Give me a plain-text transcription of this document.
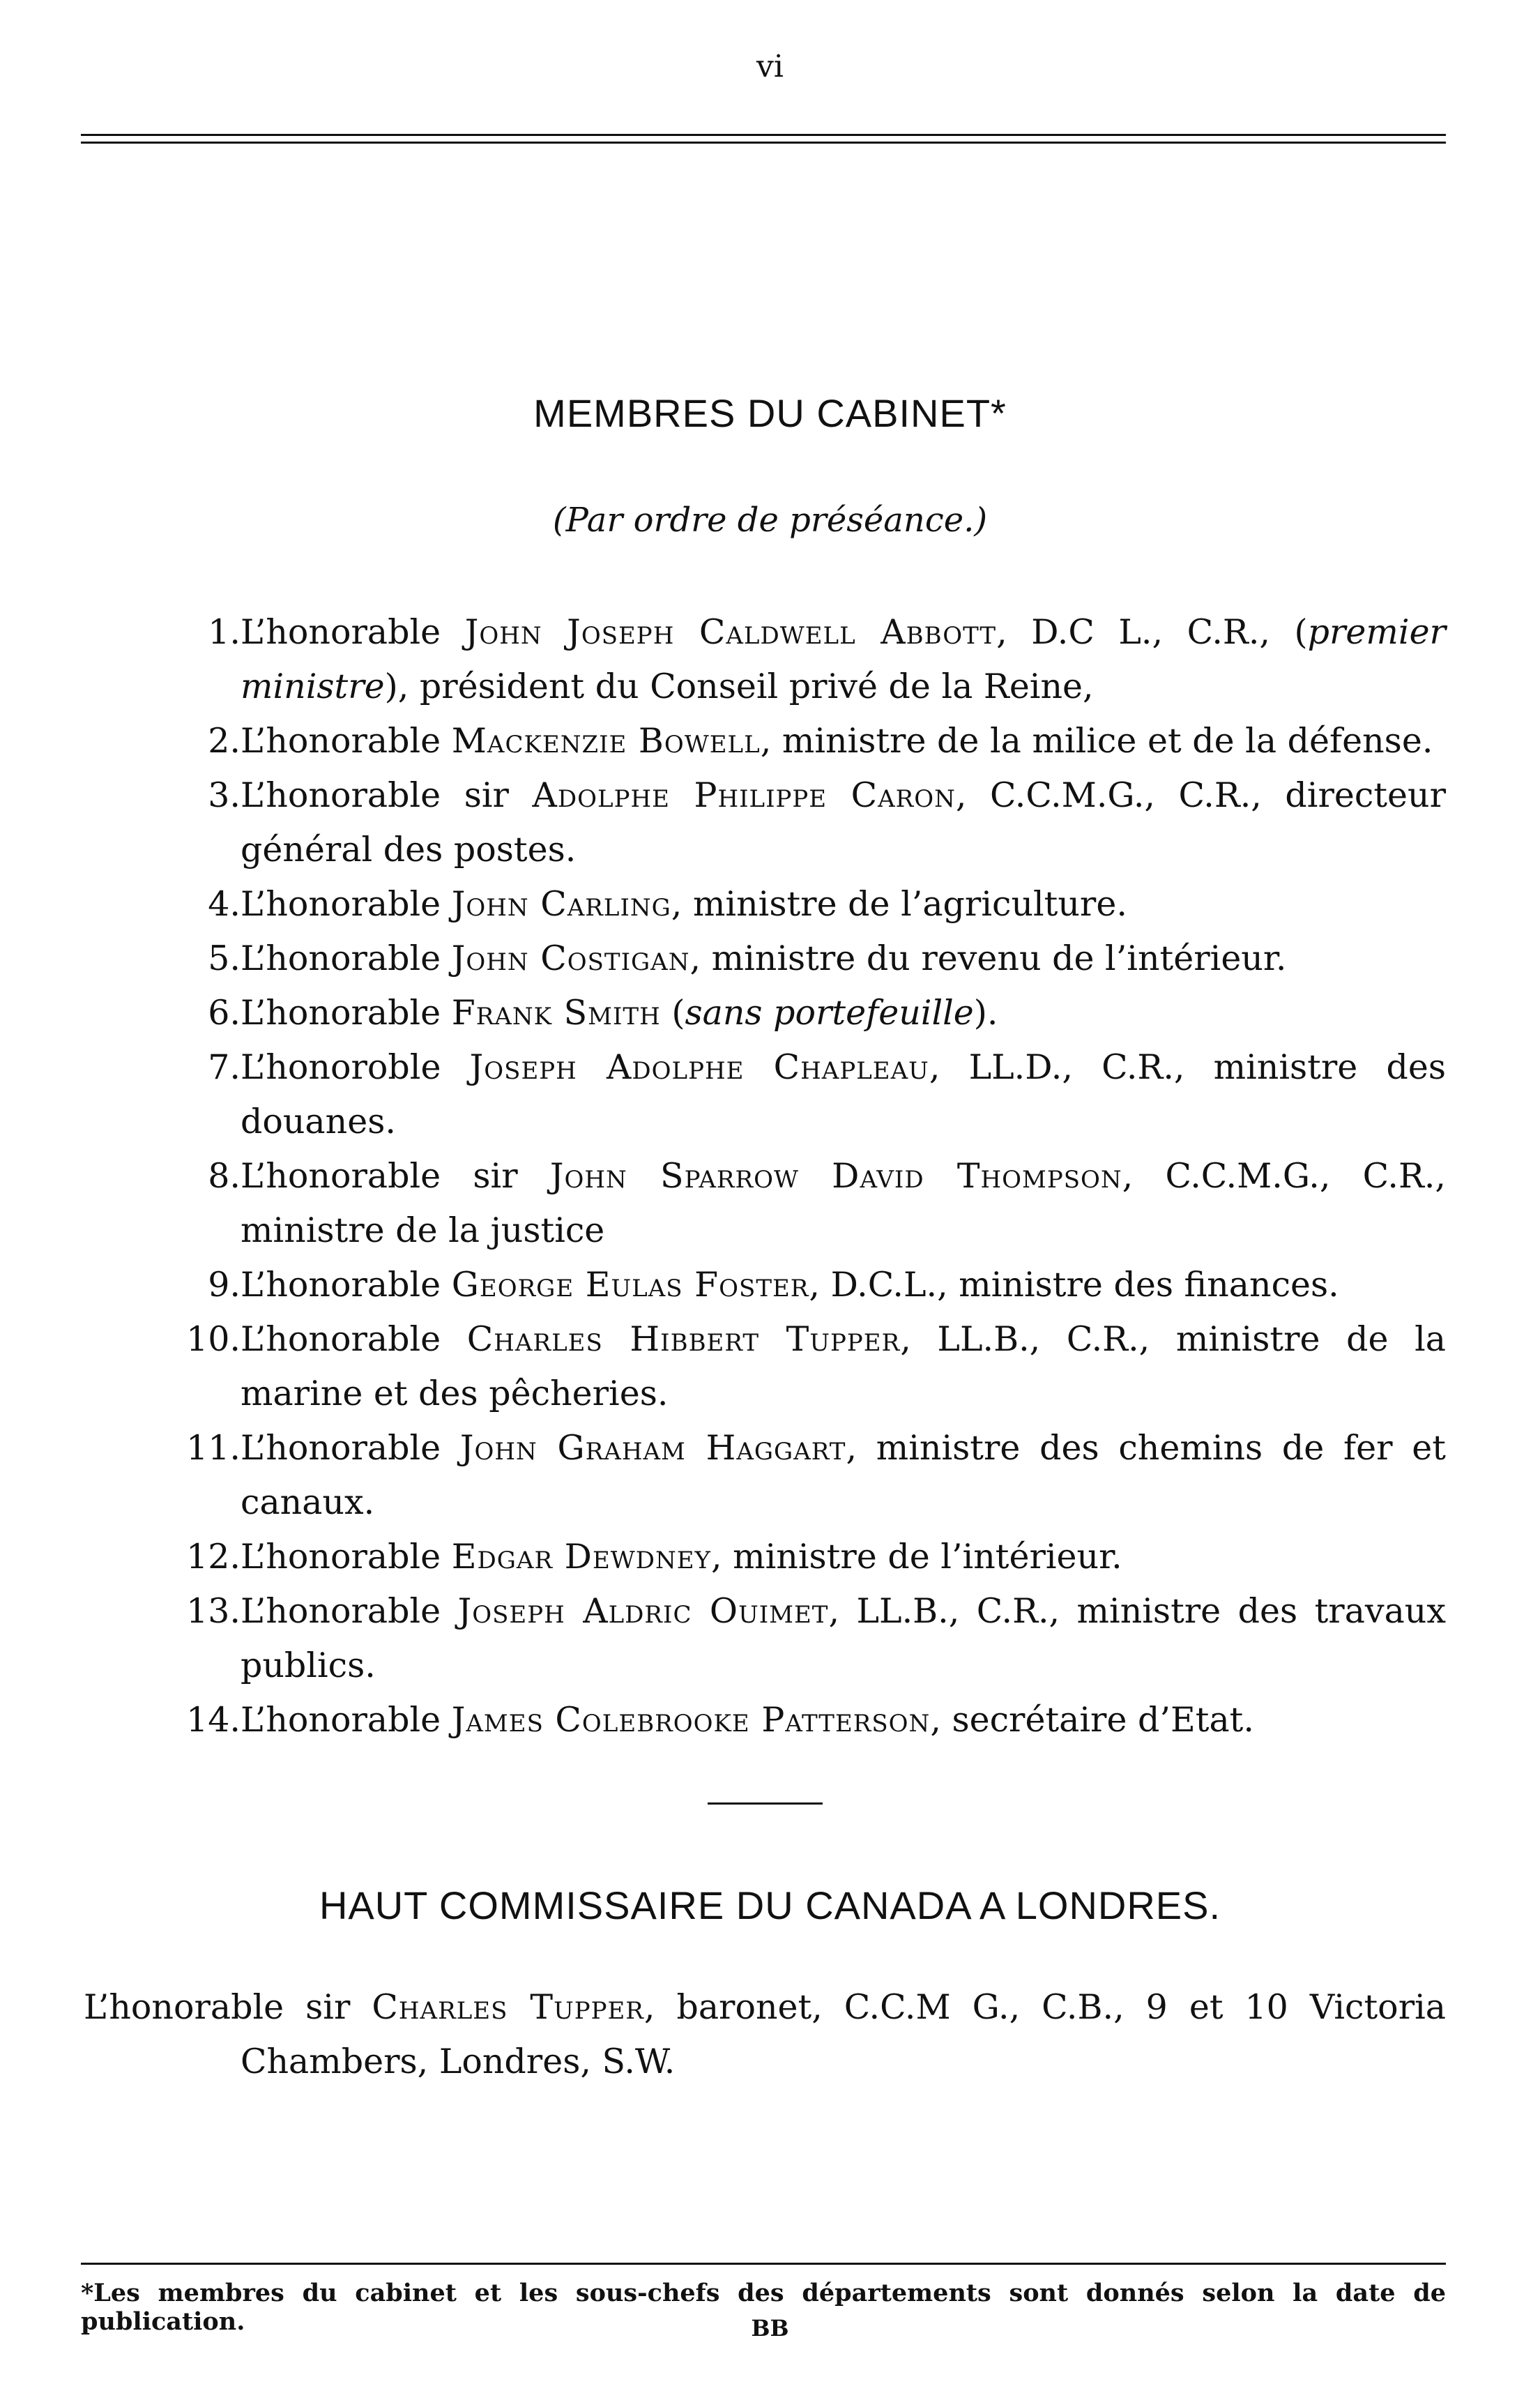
vi
MEMBRES DU CABINET*
(Par ordre de préséance.)
1.L’honorable John Joseph Caldwell Abbott, D.C L., C.R., (premier ministre), président du Conseil privé de la Reine,
2.L’honorable Mackenzie Bowell, ministre de la milice et de la défense.
3.L’honorable sir Adolphe Philippe Caron, C.C.M.G., C.R., directeur général des postes.
4.L’honorable John Carling, ministre de l’agriculture.
5.L’honorable John Costigan, ministre du revenu de l’intérieur.
6.L’honorable Frank Smith (sans portefeuille).
7.L’honoroble Joseph Adolphe Chapleau, LL.D., C.R., ministre des douanes.
8.L’honorable sir John Sparrow David Thompson, C.C.M.G., C.R., ministre de la justice
9.L’honorable George Eulas Foster, D.C.L., ministre des finances.
10.L’honorable Charles Hibbert Tupper, LL.B., C.R., ministre de la marine et des pêcheries.
11.L’honorable John Graham Haggart, ministre des chemins de fer et canaux.
12.L’honorable Edgar Dewdney, ministre de l’intérieur.
13.L’honorable Joseph Aldric Ouimet, LL.B., C.R., ministre des travaux publics.
14.L’honorable James Colebrooke Patterson, secrétaire d’Etat.
HAUT COMMISSAIRE DU CANADA A LONDRES.
L’honorable sir Charles Tupper, baronet, C.C.M G., C.B., 9 et 10 Victoria Chambers, Londres, S.W.
*Les membres du cabinet et les sous-chefs des départements sont donnés selon la date de publication.	BB
